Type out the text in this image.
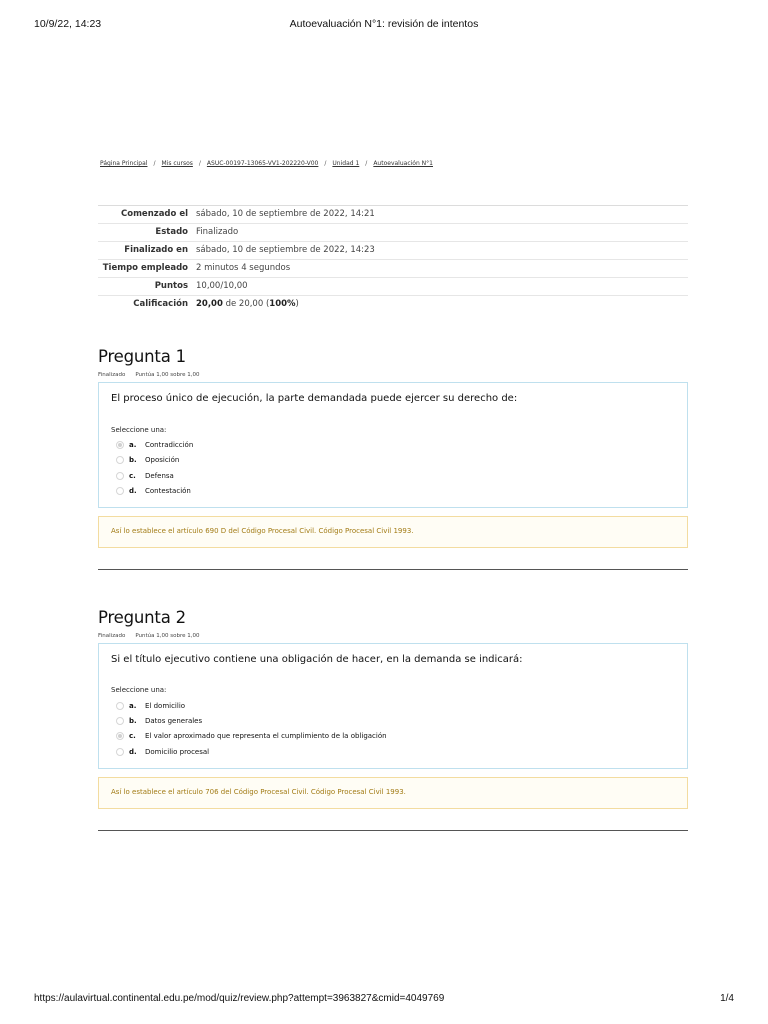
10/9/22, 14:23	Autoevaluación N°1: revisión de intentos
Página Principal / Mis cursos / ASUC-00197-13065-VV1-202220-V00 / Unidad 1 / Autoevaluación N°1
Comenzado el	sábado, 10 de septiembre de 2022, 14:21
Estado	Finalizado
Finalizado en	sábado, 10 de septiembre de 2022, 14:23
Tiempo empleado	2 minutos 4 segundos
Puntos	10,00/10,00
Calificación	20,00 de 20,00 (100%)
Pregunta 1
Finalizado Puntúa 1,00 sobre 1,00
El proceso único de ejecución, la parte demandada puede ejercer su derecho de:
Seleccione una:
a.	Contradicción
b.	Oposición
c.	Defensa
d.	Contestación
Así lo establece el artículo 690 D del Código Procesal Civil. Código Procesal Civil 1993.
Pregunta 2
Finalizado Puntúa 1,00 sobre 1,00
Si el título ejecutivo contiene una obligación de hacer, en la demanda se indicará:
Seleccione una:
a.	El domicilio
b.	Datos generales
c.	El valor aproximado que representa el cumplimiento de la obligación
d.	Domicilio procesal
Así lo establece el artículo 706 del Código Procesal Civil. Código Procesal Civil 1993.
https://aulavirtual.continental.edu.pe/mod/quiz/review.php?attempt=3963827&cmid=4049769	1/4
